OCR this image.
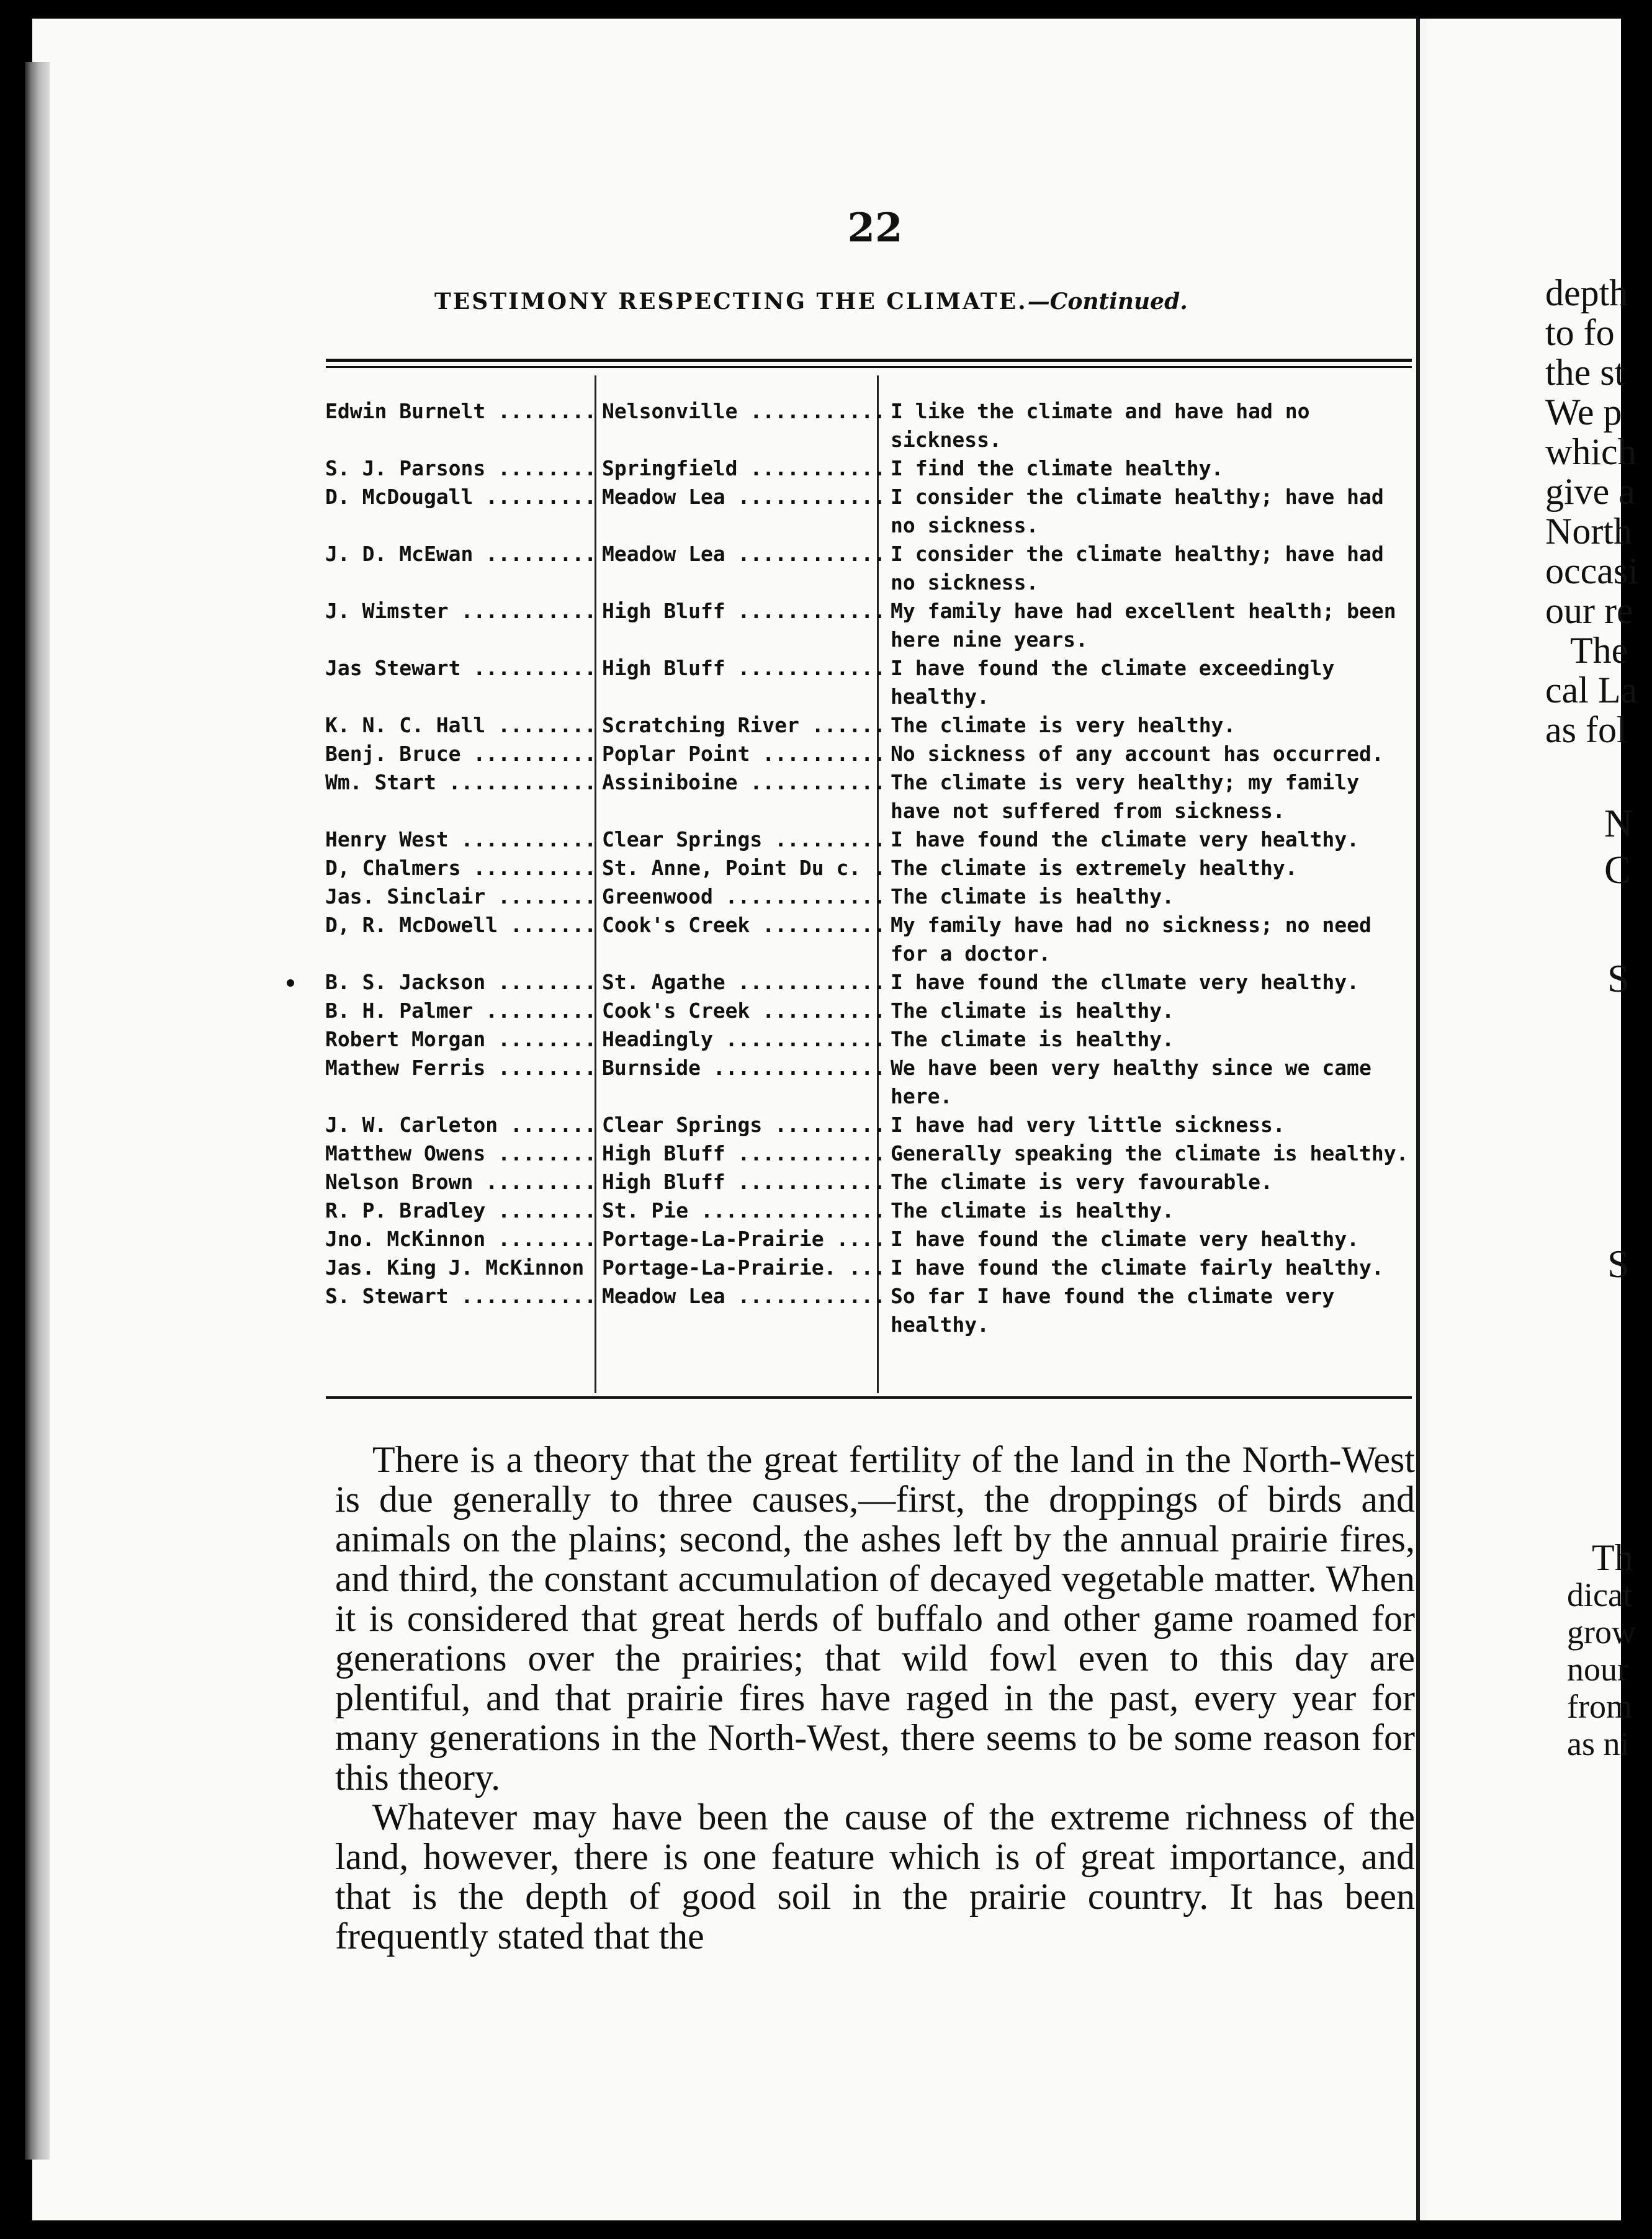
22
TESTIMONY RESPECTING THE CLIMATE.—Continued.
Edwin Burnelt .....	Nelsonville .....	I like the climate and have had no sickness.

S. J. Parsons .....	Springfield .....	I find the climate healthy.

D. McDougall .....	Meadow Lea .....	I consider the climate healthy; have had no sickness.

J. D. McEwan .....	Meadow Lea .....	I consider the climate healthy; have had no sickness.

J. Wimster .....	High Bluff .....	My family have had excellent health; been here nine years.

Jas Stewart .....	High Bluff .....	I have found the climate exceedingly healthy.

K. N. C. Hall .....	Scratching River .....	The climate is very healthy.

Benj. Bruce .....	Poplar Point .....	No sickness of any account has occurred.

Wm. Start .....	Assiniboine .....	The climate is very healthy; my family have not suffered from sickness.

Henry West .....	Clear Springs .....	I have found the climate very healthy.

D, Chalmers .....	St. Anne, Point Du c. .....	The climate is extremely healthy.

Jas. Sinclair .....	Greenwood .....	The climate is healthy.

D, R. McDowell .....	Cook's Creek .....	My family have had no sickness; no need for a doctor.

B. S. Jackson .....	St. Agathe .....	I have found the cllmate very healthy.

B. H. Palmer .....	Cook's Creek .....	The climate is healthy.

Robert Morgan .....	Headingly .....	The climate is healthy.

Mathew Ferris .....	Burnside .....	We have been very healthy since we came here.

J. W. Carleton .....	Clear Springs .....	I have had very little sickness.

Matthew Owens .....	High Bluff .....	Generally speaking the climate is healthy.

Nelson Brown .....	High Bluff .....	The climate is very favourable.

R. P. Bradley .....	St. Pie .....	The climate is healthy.

Jno. McKinnon .....	Portage-La-Prairie .....	I have found the climate very healthy.

Jas. King J. McKinnon .....	Portage-La-Prairie. .....	I have found the climate fairly healthy.

S. Stewart .....	Meadow Lea .....	So far I have found the climate very healthy.

There is a theory that the great fertility of the land in the North-West is due generally to three causes,—first, the droppings of birds and animals on the plains; second, the ashes left by the annual prairie fires, and third, the constant accumulation of decayed vegetable matter. When it is considered that great herds of buffalo and other game roamed for generations over the prairies; that wild fowl even to this day are plentiful, and that prairie fires have raged in the past, every year for many generations in the North-West, there seems to be some reason for this theory.

Whatever may have been the cause of the extreme richness of the land, however, there is one feature which is of great importance, and that is the depth of good soil in the prairie country. It has been frequently stated that the

depth
to fo
the st
We p
which
give a
North
occasi
our re
The
cal La
as fol
Th
dicat
grow
nour
from
as ni
N
C
S
S
